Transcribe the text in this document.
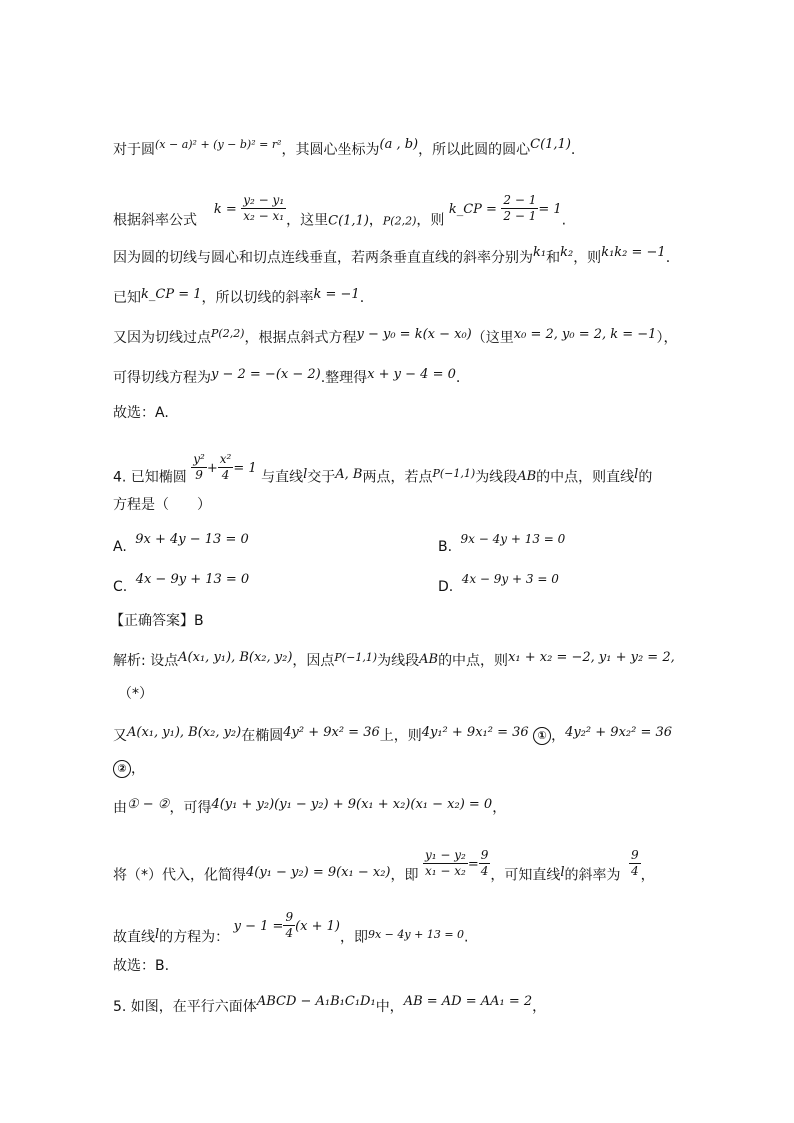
对于圆$^{(x - a)^2 + (y - b)^2 = r^2}$，其圆心坐标为(a , b)，所以此圆的圆心C(1,1).
根据斜率公式  $k = \frac{\text{y₂ − y₁}}{\text{x₂ − x₁}}$ ，这里C(1,1)，P(2,2)，则 k_CP = $\frac{2 - 1}{2 - 1} = 1$.
因为圆的切线与圆心和切点连线垂直，若两条垂直直线的斜率分别为k₁和k₂，则k₁k₂ = −1.
已知k_CP = 1，所以切线的斜率k = −1.
又因为切线过点$^{P(2,2)}$，根据点斜式方程y − y₀ = k(x − x₀)（这里x₀ = 2, y₀ = 2, k = −1），
可得切线方程为y − 2 = −(x − 2).整理得x + y − 4 = 0.
故选：A.
4. 已知椭圆 $\frac{\text{y²}}{9} + \frac{\text{x²}}{4} = 1$ 与直线l交于A, B两点，若点$^{P(-1,1)}$为线段AB的中点，则直线l的
方程是（　　）
A. 9x + 4y − 13 = 0	B. 9x − 4y + 13 = 0
C. 4x − 9y + 13 = 0	D. 4x − 9y + 3 = 0
【正确答案】B
解析: 设点A(x₁, y₁), B(x₂, y₂)，因点$^{P(-1,1)}$为线段AB的中点，则x₁ + x₂ = −2, y₁ + y₂ = 2,
（*）
又A(x₁, y₁), B(x₂, y₂)在椭圆4y² + 9x² = 36上，则4y₁² + 9x₁² = 36 ① ，4y₂² + 9x₂² = 36
② ，
由① − ②，可得4(y₁ + y₂)(y₁ − y₂) + 9(x₁ + x₂)(x₁ − x₂) = 0，
将（*）代入，化简得4(y₁ − y₂) = 9(x₁ − x₂)，即 $\frac{\text{y₁ − y₂}}{\text{x₁ − x₂}} = \frac{9}{4}$ ，可知直线l的斜率为 $\frac{9}{4}$ ，
故直线l的方程为： $y - 1 = \frac{9}{4} (x + 1)$，即$^{9x - 4y + 13 = 0}$.
故选：B.
5. 如图，在平行六面体ABCD − A₁B₁C₁D₁中，AB = AD = AA₁ = 2，
